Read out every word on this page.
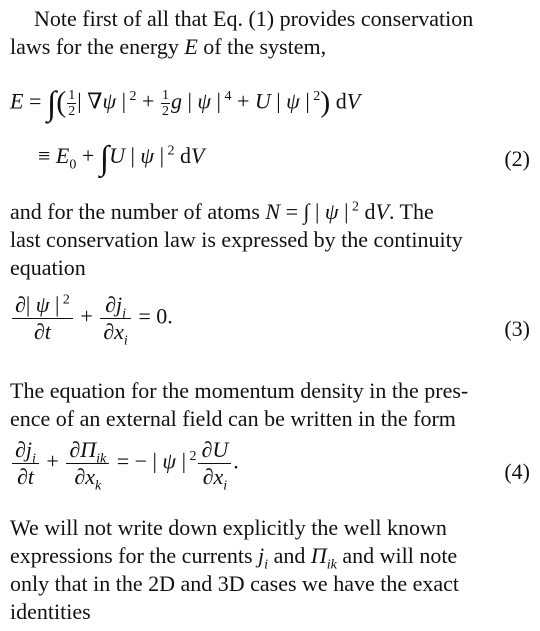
Note first of all that Eq. (1) provides conservation
laws for the energy E of the system,
E = ∫( $\frac{1}{2}$ | ∇ψ | $^2 + \frac{1}{2}$ g | ψ | $^4$ + U | ψ | $^2$) dV
≡ $E_0 + \int U$ | ψ | $^2$ dV	(2)
and for the number of atoms N = ∫ | ψ | $^2$ dV. The
last conservation law is expressed by the continuity
equation
$\frac{\partial| \psi | ^2}{\partial t} + \frac{\partial j_i}{\partial x_i} = 0$.	(3)
The equation for the momentum density in the pres-
ence of an external field can be written in the form
$\frac{\partial j_i}{\partial t} + \frac{\partial\Pi_{ik}}{\partial x_k}$ = − | ψ | $^2 \frac{\partial U}{\partial x_i}$ .	(4)
We will not write down explicitly the well known
expressions for the currents $j_i$ and $\Pi_{ik}$ and will note
only that in the 2D and 3D cases we have the exact
identities
